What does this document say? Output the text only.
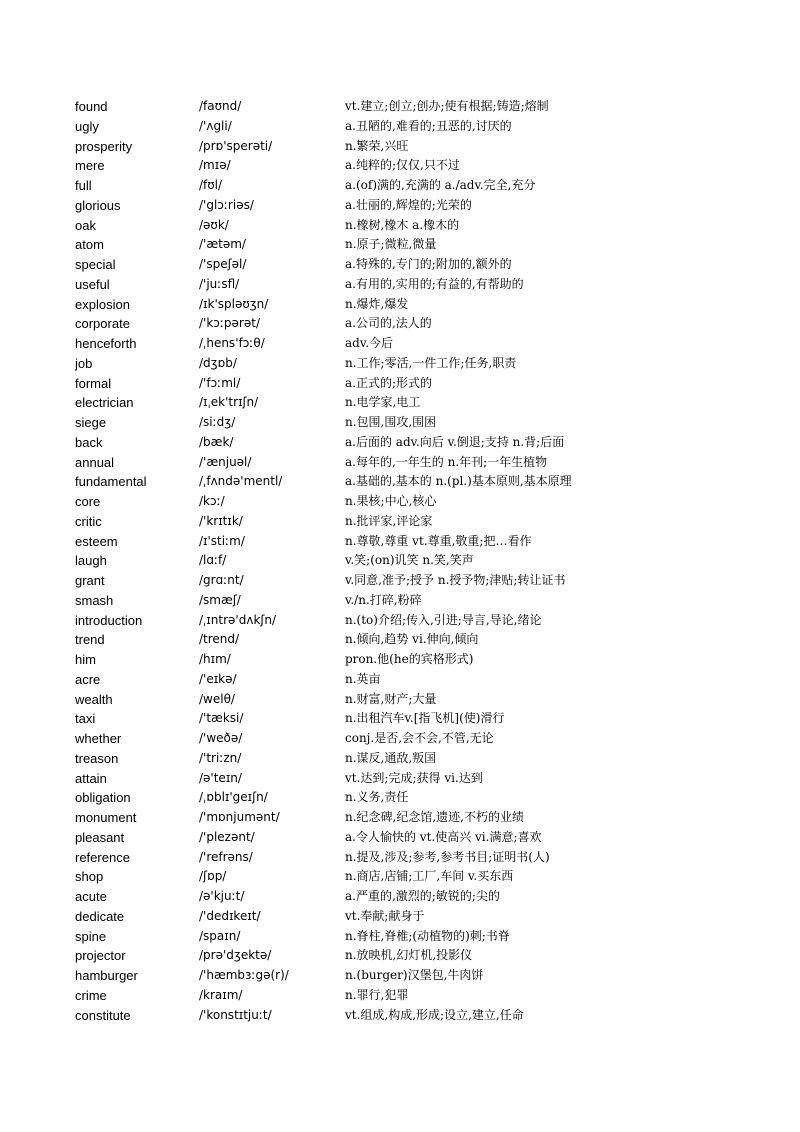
found	/faʊnd/	vt.建立;创立;创办;使有根据;铸造;熔制
ugly	/'ʌgli/	a.丑陋的,难看的;丑恶的,讨厌的
prosperity	/prɒ'sperəti/	n.繁荣,兴旺
mere	/mɪə/	a.纯粹的;仅仅,只不过
full	/fʊl/	a.(of)满的,充满的 a./adv.完全,充分
glorious	/'glɔːriəs/	a.壮丽的,辉煌的;光荣的
oak	/əʊk/	n.橡树,橡木 a.橡木的
atom	/'ætəm/	n.原子;微粒,微量
special	/'speʃəl/	a.特殊的,专门的;附加的,额外的
useful	/'juːsfl/	a.有用的,实用的;有益的,有帮助的
explosion	/ɪk'spləʊʒn/	n.爆炸,爆发
corporate	/'kɔːpərət/	a.公司的,法人的
henceforth	/ˌhens'fɔːθ/	adv.今后
job	/dʒɒb/	n.工作;零活,一件工作;任务,职责
formal	/'fɔːml/	a.正式的;形式的
electrician	/ɪˌek'trɪʃn/	n.电学家,电工
siege	/siːdʒ/	n.包围,围攻,围困
back	/bæk/	a.后面的 adv.向后 v.倒退;支持 n.背;后面
annual	/'ænjuəl/	a.每年的,一年生的 n.年刊;一年生植物
fundamental	/ˌfʌndə'mentl/	a.基础的,基本的 n.(pl.)基本原则,基本原理
core	/kɔː/	n.果核;中心,核心
critic	/'krɪtɪk/	n.批评家,评论家
esteem	/ɪ'stiːm/	n.尊敬,尊重 vt.尊重,敬重;把…看作
laugh	/lɑːf/	v.笑;(on)讥笑 n.笑,笑声
grant	/grɑːnt/	v.同意,准予;授予 n.授予物;津贴;转让证书
smash	/smæʃ/	v./n.打碎,粉碎
introduction	/ˌɪntrə'dʌkʃn/	n.(to)介绍;传入,引进;导言,导论,绪论
trend	/trend/	n.倾向,趋势 vi.伸向,倾向
him	/hɪm/	pron.他(he的宾格形式)
acre	/'eɪkə/	n.英亩
wealth	/welθ/	n.财富,财产;大量
taxi	/'tæksi/	n.出租汽车v.[指飞机](使)滑行
whether	/'weðə/	conj.是否,会不会,不管,无论
treason	/'triːzn/	n.谋反,通敌,叛国
attain	/ə'teɪn/	vt.达到;完成;获得 vi.达到
obligation	/ˌɒblɪ'geɪʃn/	n.义务,责任
monument	/'mɒnjumənt/	n.纪念碑,纪念馆,遗迹,不朽的业绩
pleasant	/'plezənt/	a.令人愉快的 vt.使高兴 vi.满意;喜欢
reference	/'refrəns/	n.提及,涉及;参考,参考书目;证明书(人)
shop	/ʃɒp/	n.商店,店铺;工厂,车间 v.买东西
acute	/ə'kjuːt/	a.严重的,激烈的;敏锐的;尖的
dedicate	/'dedɪkeɪt/	vt.奉献;献身于
spine	/spaɪn/	n.脊柱,脊椎;(动植物的)刺;书脊
projector	/prə'dʒektə/	n.放映机,幻灯机,投影仪
hamburger	/'hæmbɜːgə(r)/	n.(burger)汉堡包,牛肉饼
crime	/kraɪm/	n.罪行,犯罪
constitute	/'konstɪtjuːt/	vt.组成,构成,形成;设立,建立,任命
